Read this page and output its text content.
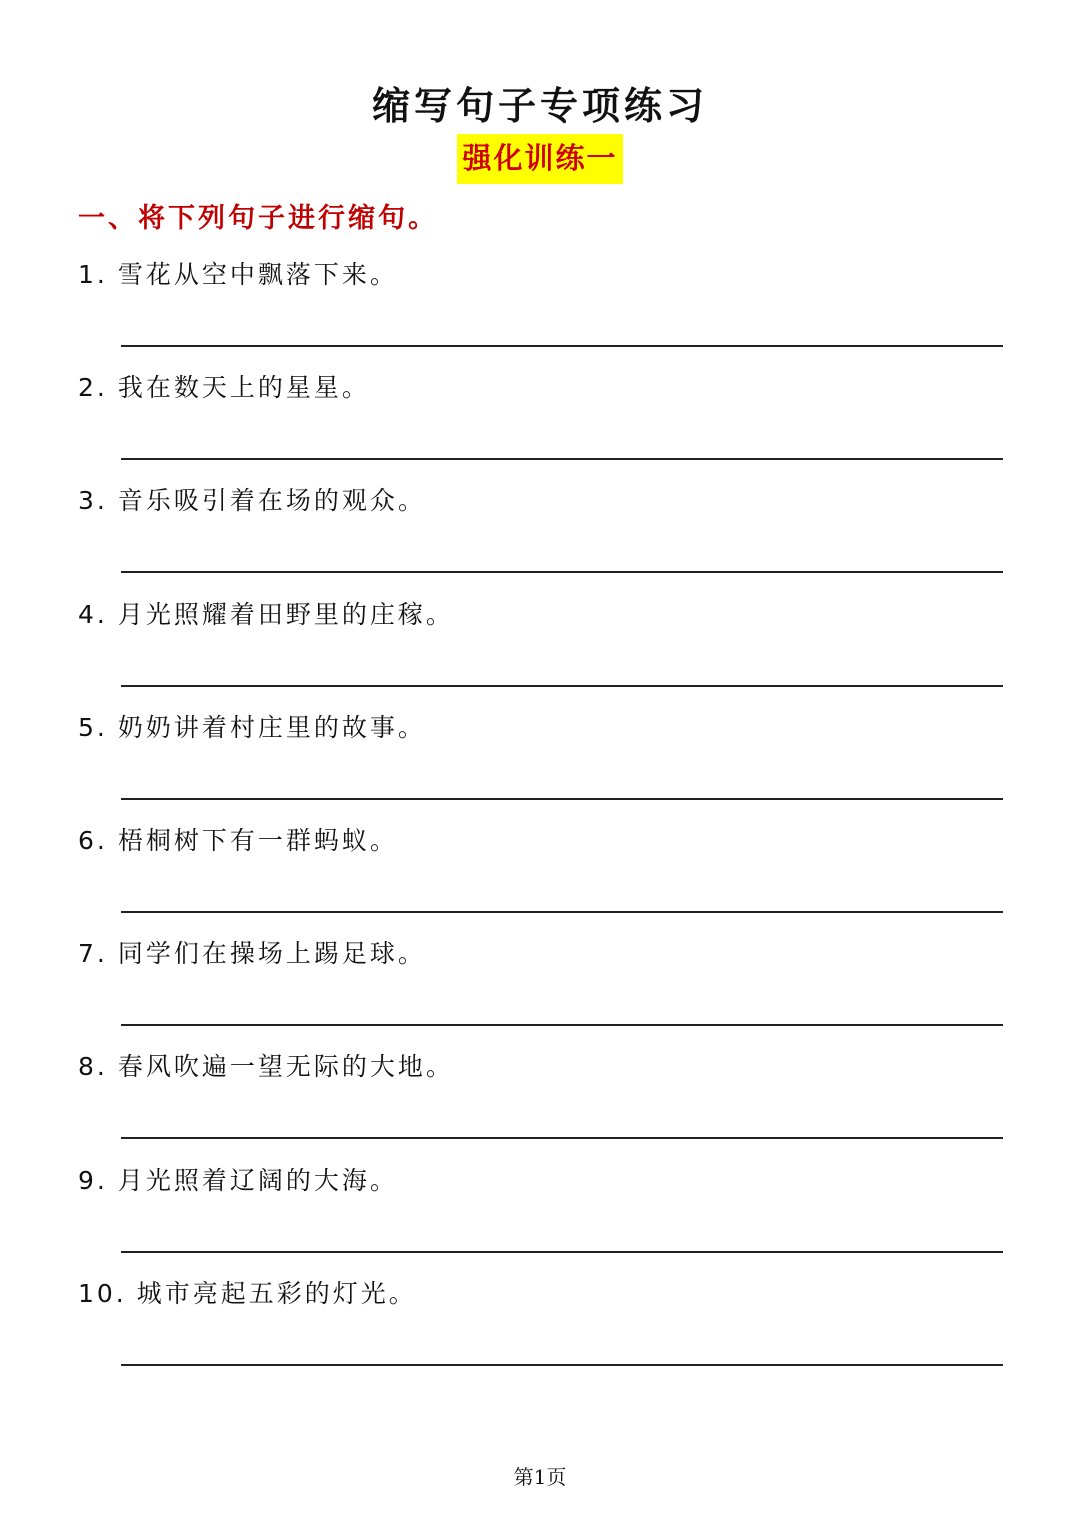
缩写句子专项练习
强化训练一
一、将下列句子进行缩句。
1. 雪花从空中飘落下来。
2. 我在数天上的星星。
3. 音乐吸引着在场的观众。
4. 月光照耀着田野里的庄稼。
5. 奶奶讲着村庄里的故事。
6. 梧桐树下有一群蚂蚁。
7. 同学们在操场上踢足球。
8. 春风吹遍一望无际的大地。
9. 月光照着辽阔的大海。
10. 城市亮起五彩的灯光。
第1页
